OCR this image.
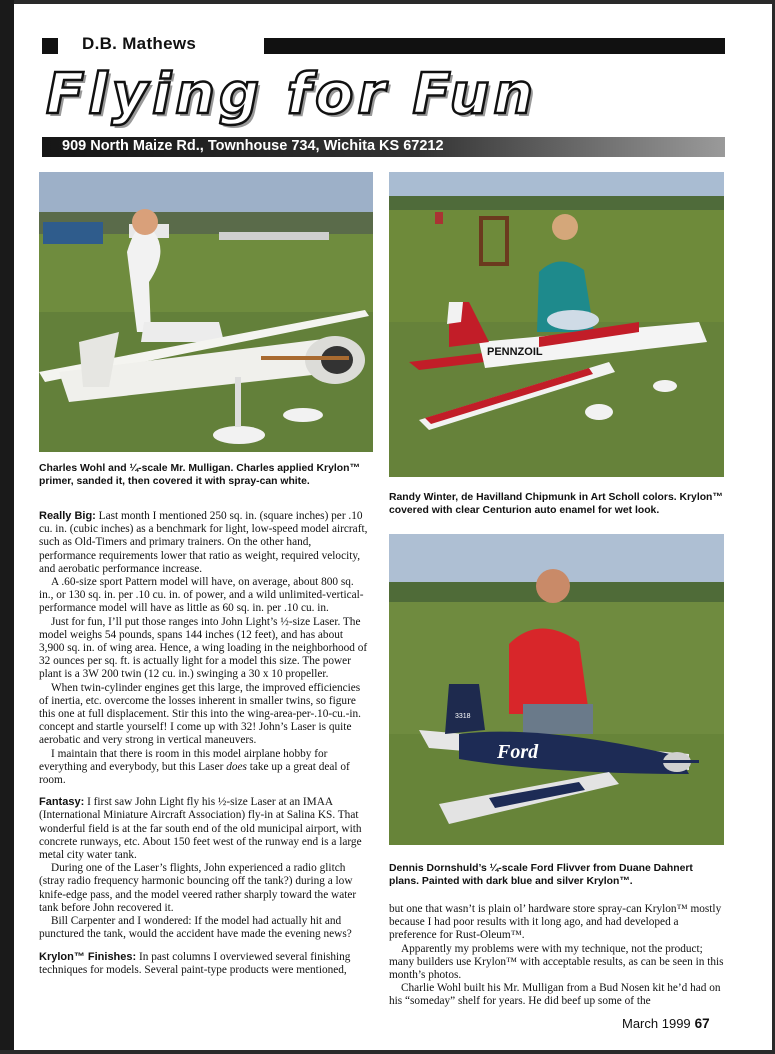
D.B. Mathews
Flying for Fun
909 North Maize Rd., Townhouse 734, Wichita KS 67212
Charles Wohl and ¼-scale Mr. Mulligan. Charles applied Krylon™ primer, sanded it, then covered it with spray-can white.
PENNZOIL
Randy Winter, de Havilland Chipmunk in Art Scholl colors. Krylon™ covered with clear Centurion auto enamel for wet look.
Ford
3318
Dennis Dornshuld’s ¼-scale Ford Flivver from Duane Dahnert plans. Painted with dark blue and silver Krylon™.

Really Big: Last month I mentioned 250 sq. in. (square inches) per .10 cu. in. (cubic inches) as a benchmark for light, low-speed model aircraft, such as Old-Timers and primary trainers. On the other hand, performance requirements lower that ratio as weight, required velocity, and aerobatic performance increase.

A .60-size sport Pattern model will have, on average, about 800 sq. in., or 130 sq. in. per .10 cu. in. of power, and a wild unlimited-vertical-performance model will have as little as 60 sq. in. per .10 cu. in.

Just for fun, I’ll put those ranges into John Light’s ½-size Laser. The model weighs 54 pounds, spans 144 inches (12 feet), and has about 3,900 sq. in. of wing area. Hence, a wing loading in the neighborhood of 32 ounces per sq. ft. is actually light for a model this size. The power plant is a 3W 200 twin (12 cu. in.) swinging a 30 x 10 propeller.

When twin-cylinder engines get this large, the improved efficiencies of inertia, etc. overcome the losses inherent in smaller twins, so figure this one at full displacement. Stir this into the wing-area-per-.10-cu.-in. concept and startle yourself! I come up with 32! John’s Laser is quite aerobatic and very strong in vertical maneuvers.

I maintain that there is room in this model airplane hobby for everything and everybody, but this Laser does take up a great deal of room.

Fantasy: I first saw John Light fly his ½-size Laser at an IMAA (International Miniature Aircraft Association) fly-in at Salina KS. That wonderful field is at the far south end of the old municipal airport, with concrete runways, etc. About 150 feet west of the runway end is a large metal city water tank.

During one of the Laser’s flights, John experienced a radio glitch (stray radio frequency harmonic bouncing off the tank?) during a low knife-edge pass, and the model veered rather sharply toward the water tank before John recovered it.

Bill Carpenter and I wondered: If the model had actually hit and punctured the tank, would the accident have made the evening news?

Krylon™ Finishes: In past columns I overviewed several finishing techniques for models. Several paint-type products were mentioned,

but one that wasn’t is plain ol’ hardware store spray-can Krylon™ mostly because I had poor results with it long ago, and had developed a preference for Rust-Oleum™.

Apparently my problems were with my technique, not the product; many builders use Krylon™ with acceptable results, as can be seen in this month’s photos.

Charlie Wohl built his Mr. Mulligan from a Bud Nosen kit he’d had on his “someday” shelf for years. He did beef up some of the

March 1999 67
